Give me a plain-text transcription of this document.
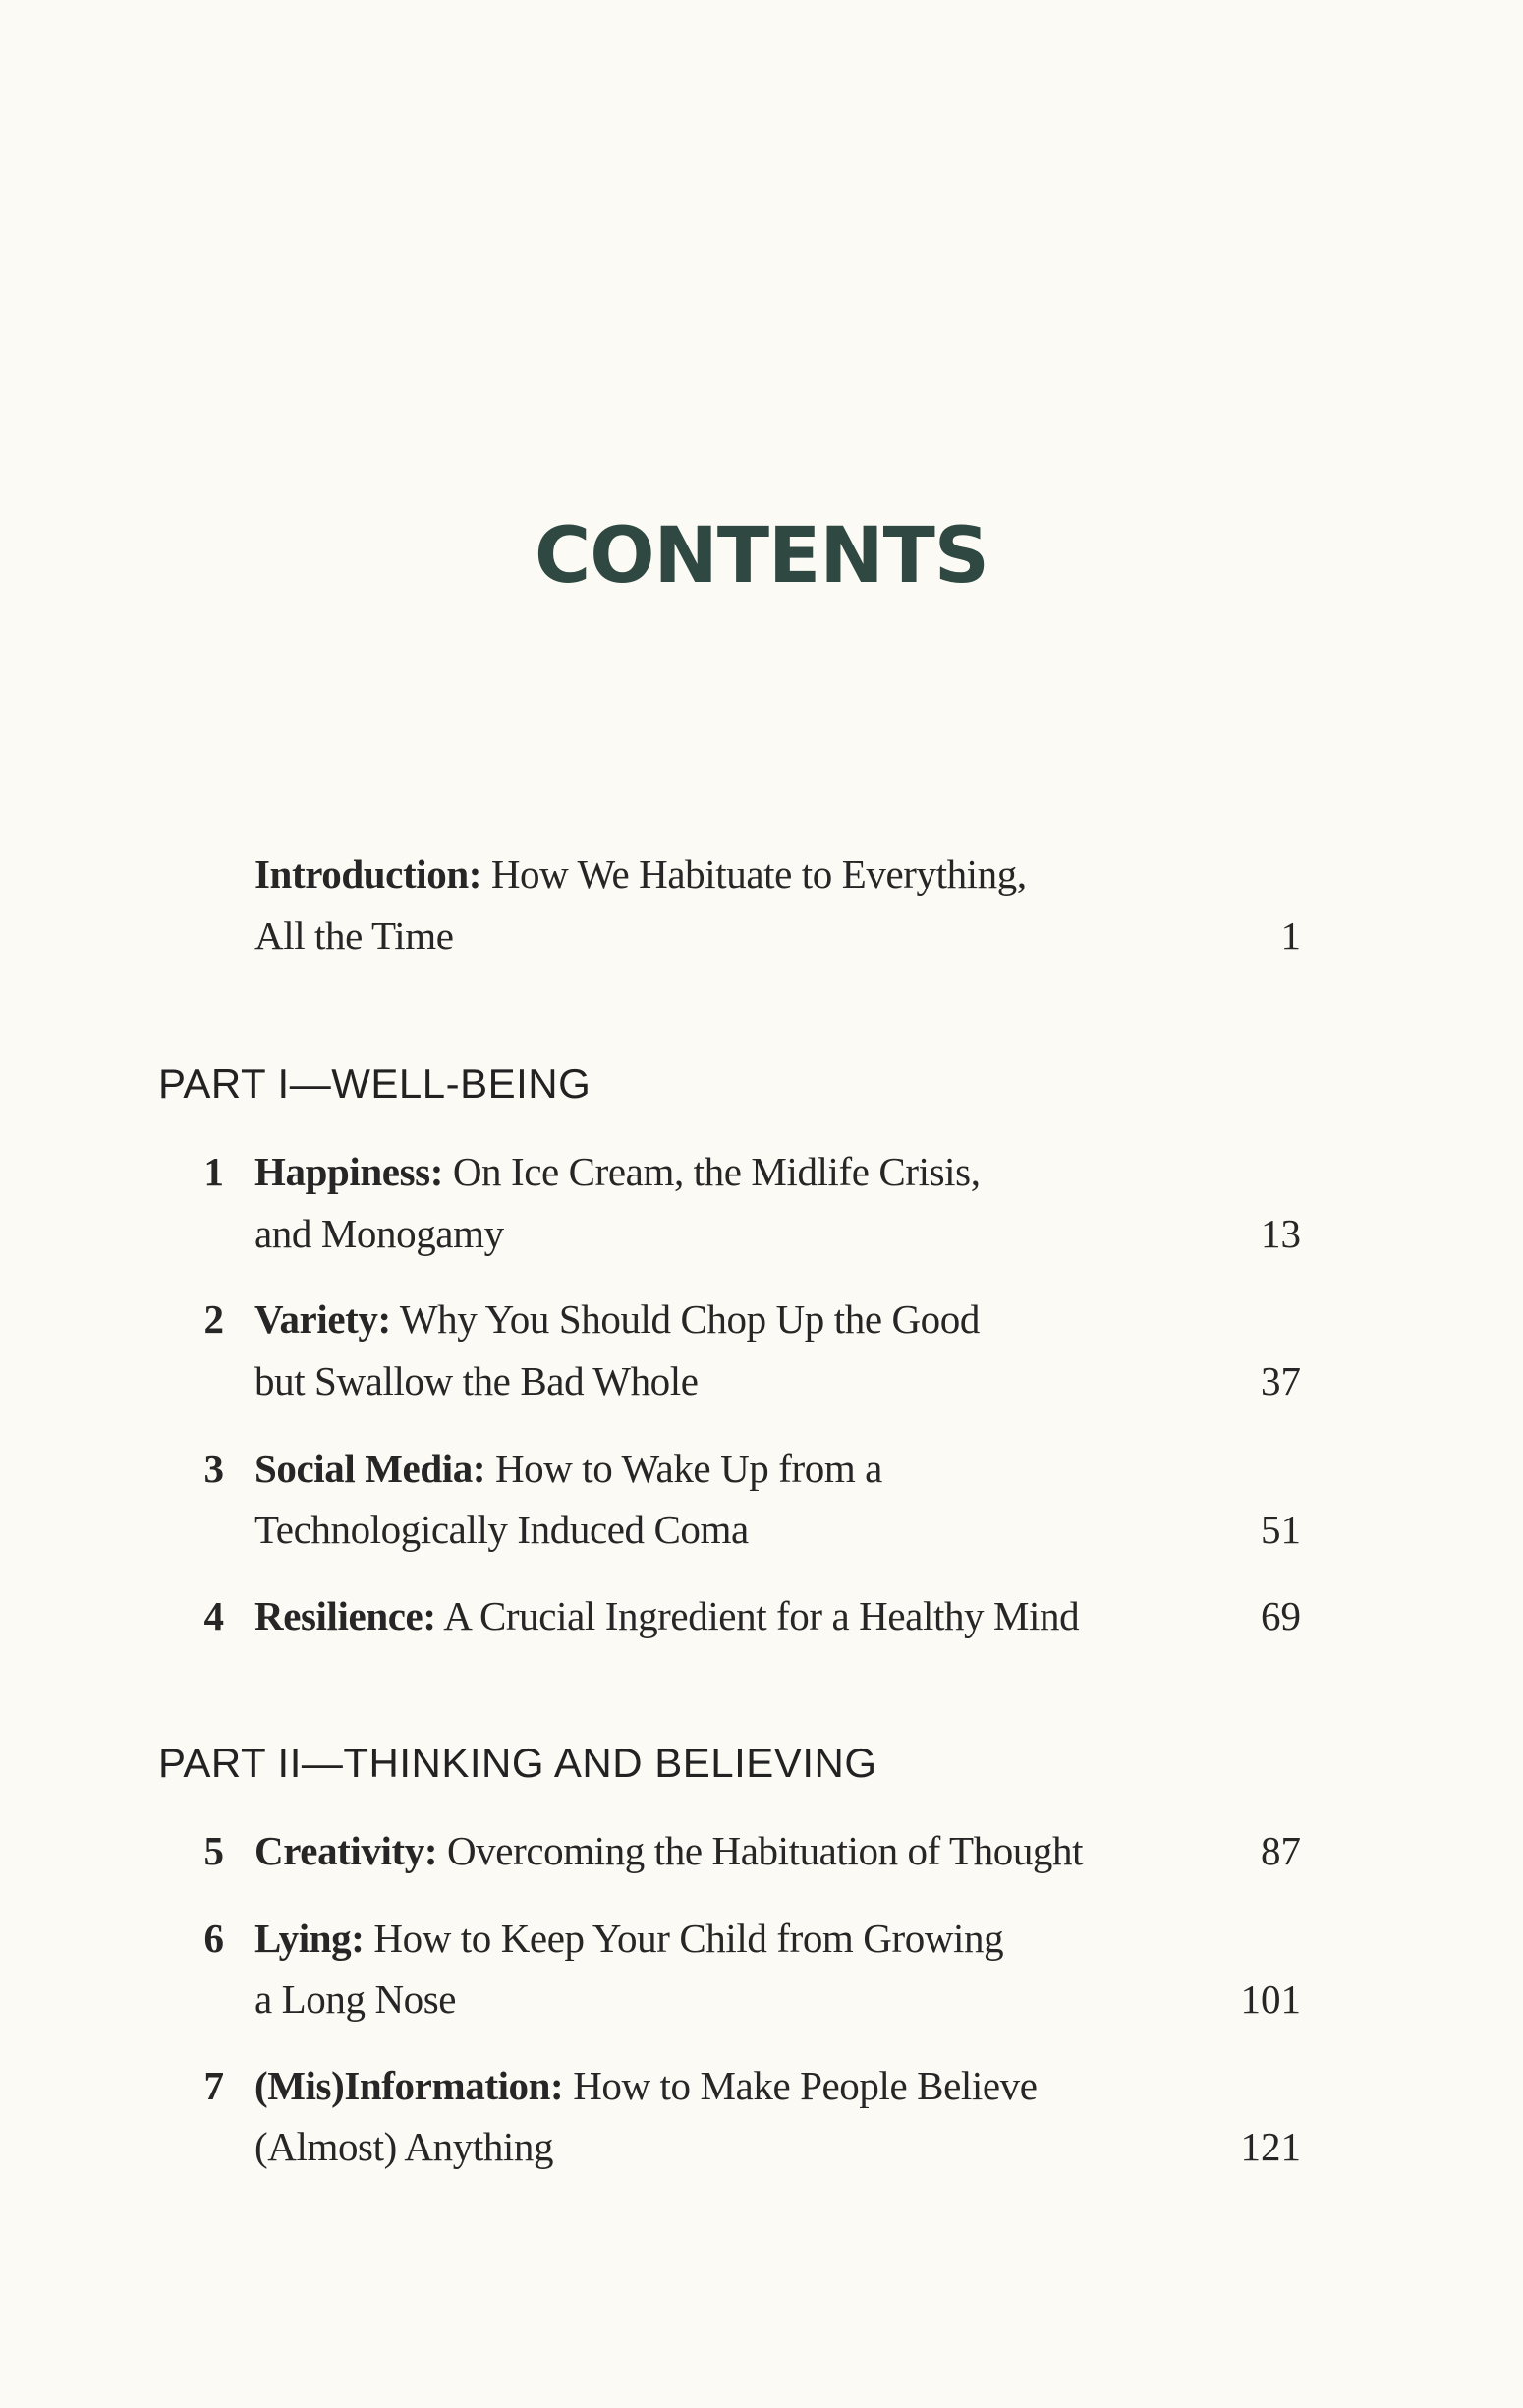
CONTENTS
Introduction: How We Habituate to Everything,
All the Time	1
PART I—WELL-BEING
1 Happiness: On Ice Cream, the Midlife Crisis,
and Monogamy	13
2 Variety: Why You Should Chop Up the Good
but Swallow the Bad Whole	37
3 Social Media: How to Wake Up from a
Technologically Induced Coma	51
4 Resilience: A Crucial Ingredient for a Healthy Mind	69
PART II—THINKING AND BELIEVING
5 Creativity: Overcoming the Habituation of Thought	87
6 Lying: How to Keep Your Child from Growing
a Long Nose	101
7 (Mis)Information: How to Make People Believe
(Almost) Anything	121
